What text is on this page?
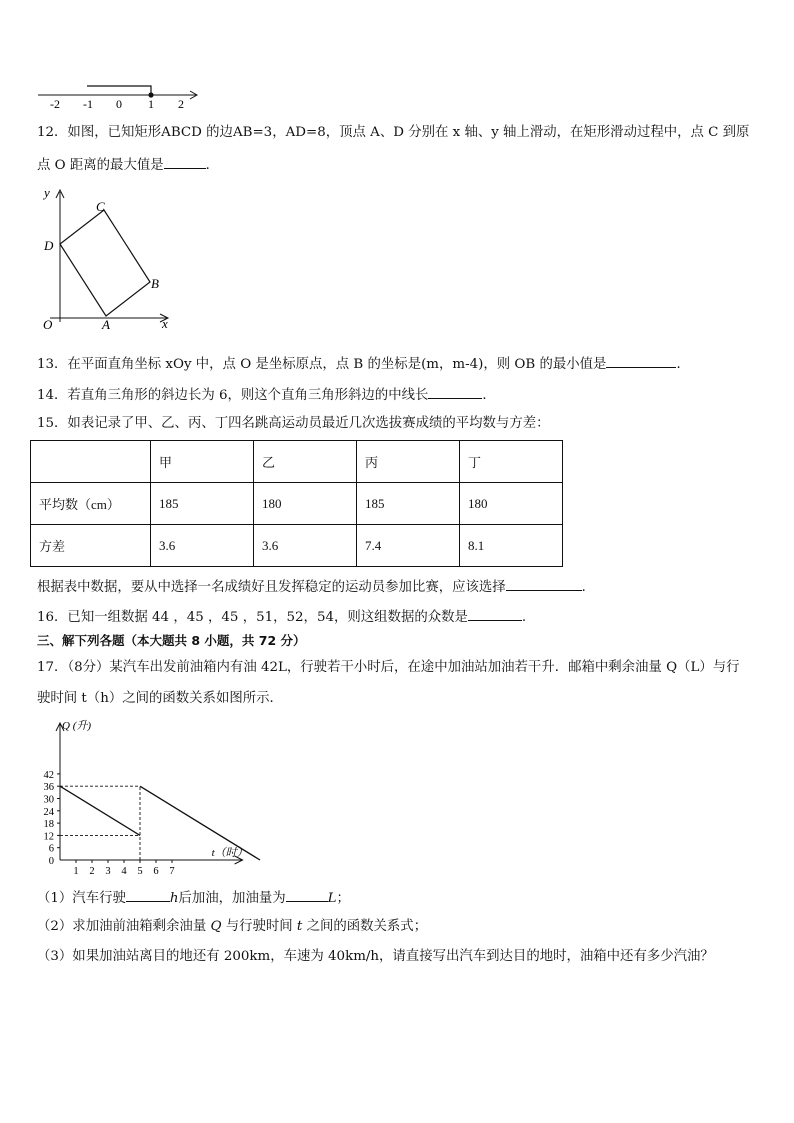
-2 -1 0 1 2
12．如图，已知矩形ABCD 的边AB=3，AD=8，顶点 A、D 分别在 x 轴、y 轴上滑动，在矩形滑动过程中，点 C 到原
点 O 距离的最大值是	．
y
x
O	A
B
C
D
13．在平面直角坐标 xOy 中，点 O 是坐标原点，点 B 的坐标是(m，m-4)，则 OB 的最小值是	．
14．若直角三角形的斜边长为 6，则这个直角三角形斜边的中线长	．
15．如表记录了甲、乙、丙、丁四名跳高运动员最近几次选拔赛成绩的平均数与方差：
	甲	乙	丙	丁
平均数（cm）	185	180	185	180
方差	3.6	3.6	7.4	8.1
根据表中数据，要从中选择一名成绩好且发挥稳定的运动员参加比赛，应该选择	．
16．已知一组数据 44 ，45 ，45 ，51，52，54，则这组数据的众数是	.
三、解下列各题（本大题共 8 小题，共 72 分）
17．（8分）某汽车出发前油箱内有油 42L，行驶若干小时后，在途中加油站加油若干升．邮箱中剩余油量 Q（L）与行
驶时间 t（h）之间的函数关系如图所示．
42
36
30
24
18
12
6
0
1 2 3 4 5 6 7
Q (升)
t（时）
（1）汽车行驶	h后加油，加油量为	L；
（2）求加油前油箱剩余油量 Q 与行驶时间 t 之间的函数关系式；
（3）如果加油站离目的地还有 200km，车速为 40km/h，请直接写出汽车到达目的地时，油箱中还有多少汽油？
